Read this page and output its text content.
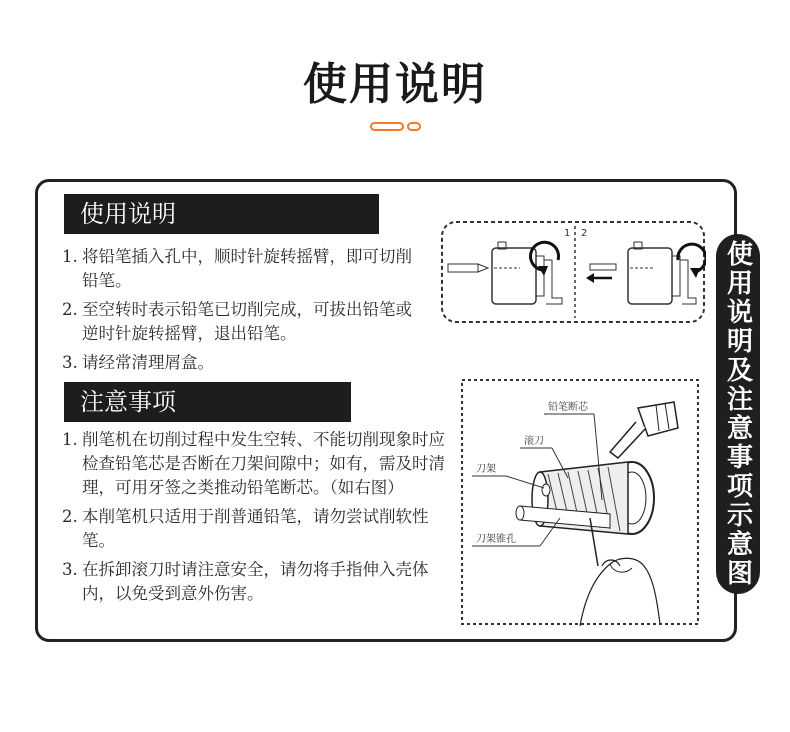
使用说明
使用说明
1. 将铅笔插入孔中，顺时针旋转摇臂，即可切削铅笔。
2. 至空转时表示铅笔已切削完成，可拔出铅笔或逆时针旋转摇臂，退出铅笔。
3. 请经常清理屑盒。
注意事项
1. 削笔机在切削过程中发生空转、不能切削现象时应检查铅笔芯是否断在刀架间隙中；如有，需及时清理，可用牙签之类推动铅笔断芯。（如右图）
2. 本削笔机只适用于削普通铅笔，请勿尝试削软性笔。
3. 在拆卸滚刀时请注意安全，请勿将手指伸入壳体内，以免受到意外伤害。
1 2
铅笔断芯
滚刀
刀架
刀架锥孔	使用说明及注意事项示意图
